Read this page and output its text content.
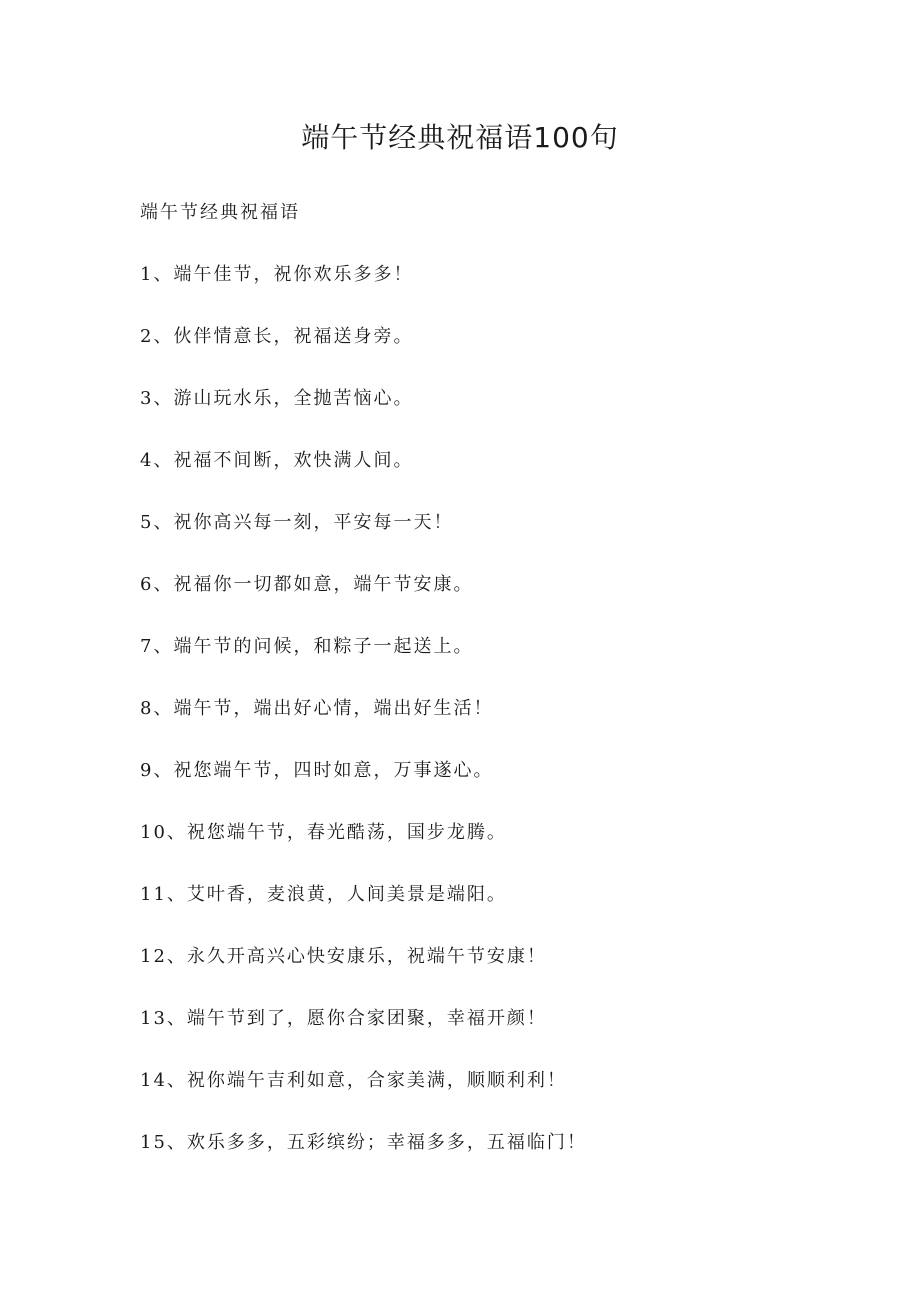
端午节经典祝福语100句
端午节经典祝福语
1、端午佳节，祝你欢乐多多！
2、伙伴情意长，祝福送身旁。
3、游山玩水乐，全抛苦恼心。
4、祝福不间断，欢快满人间。
5、祝你高兴每一刻，平安每一天！
6、祝福你一切都如意，端午节安康。
7、端午节的问候，和粽子一起送上。
8、端午节，端出好心情，端出好生活！
9、祝您端午节，四时如意，万事遂心。
10、祝您端午节，春光酷荡，国步龙腾。
11、艾叶香，麦浪黄，人间美景是端阳。
12、永久开高兴心快安康乐，祝端午节安康！
13、端午节到了，愿你合家团聚，幸福开颜！
14、祝你端午吉利如意，合家美满，顺顺利利！
15、欢乐多多，五彩缤纷；幸福多多，五福临门！
